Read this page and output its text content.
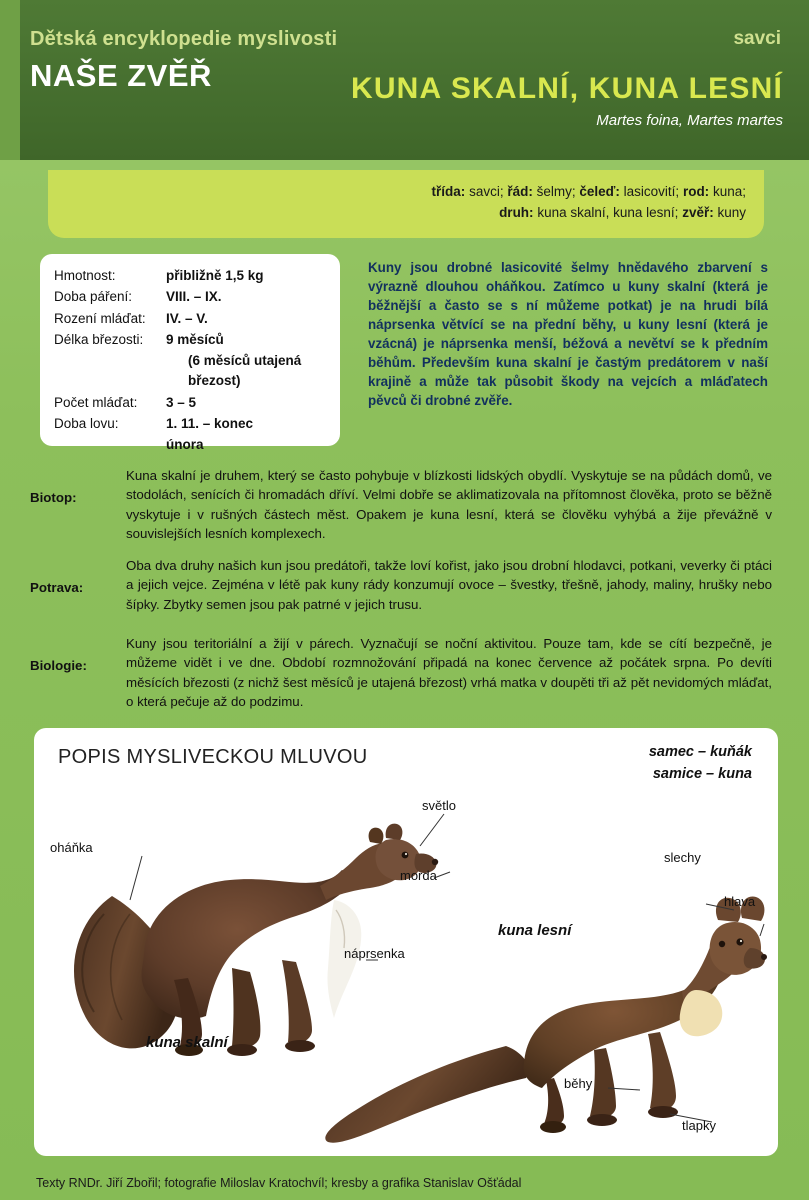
Dětská encyklopedie myslivosti	savci
NAŠE ZVĚŘ	KUNA SKALNÍ, KUNA LESNÍ
Martes foina, Martes martes
třída: savci; řád: šelmy; čeleď: lasicovití; rod: kuna;
druh: kuna skalní, kuna lesní; zvěř: kuny
Hmotnost:	přibližně 1,5 kg
Doba páření:	VIII. – IX.
Rození mláďat:	IV. – V.
Délka březosti:	9 měsíců
	(6 měsíců utajená březost)
Počet mláďat:	3 – 5
Doba lovu:	1. 11. – konec
	února
Kuny jsou drobné lasicovité šelmy hnědavého zbarvení s výrazně dlouhou oháňkou. Zatímco u kuny skalní (která je běžnější a často se s ní můžeme potkat) je na hrudi bílá náprsenka větvící se na přední běhy, u kuny lesní (která je vzácná) je náprsenka menší, béžová a nevětví se k předním běhům. Především kuna skalní je častým predátorem v naší krajině a může tak působit škody na vejcích a mláďatech pěvců či drobné zvěře.
Biotop:
Kuna skalní je druhem, který se často pohybuje v blízkosti lidských obydlí. Vyskytuje se na půdách domů, ve stodolách, senících či hromadách dříví. Velmi dobře se aklimatizovala na přítomnost člověka, proto se běžně vyskytuje i v rušných částech měst. Opakem je kuna lesní, která se člověku vyhýbá a žije převážně v souvislejších lesních komplexech.
Potrava:
Oba dva druhy našich kun jsou predátoři, takže loví kořist, jako jsou drobní hlodavci, potkani, veverky či ptáci a jejich vejce. Zejména v létě pak kuny rády konzumují ovoce – švestky, třešně, jahody, maliny, hrušky nebo šípky. Zbytky semen jsou pak patrné v jejich trusu.
Biologie:
Kuny jsou teritoriální a žijí v párech. Vyznačují se noční aktivitou. Pouze tam, kde se cítí bezpečně, je můžeme vidět i ve dne. Období rozmnožování připadá na konec července až počátek srpna. Po devíti měsících březosti (z nichž šest měsíců je utajená březost) vrhá matka v doupěti tři až pět nevidomých mláďat, o která pečuje až do podzimu.
POPIS MYSLIVECKOU MLUVOU	samec – kuňák
samice – kuna
oháňka
světlo
morda
náprsenka
slechy
hlava
běhy
tlapky
kuna skalní
kuna lesní
Texty RNDr. Jiří Zbořil; fotografie Miloslav Kratochvíl; kresby a grafika Stanislav Ošťádal
